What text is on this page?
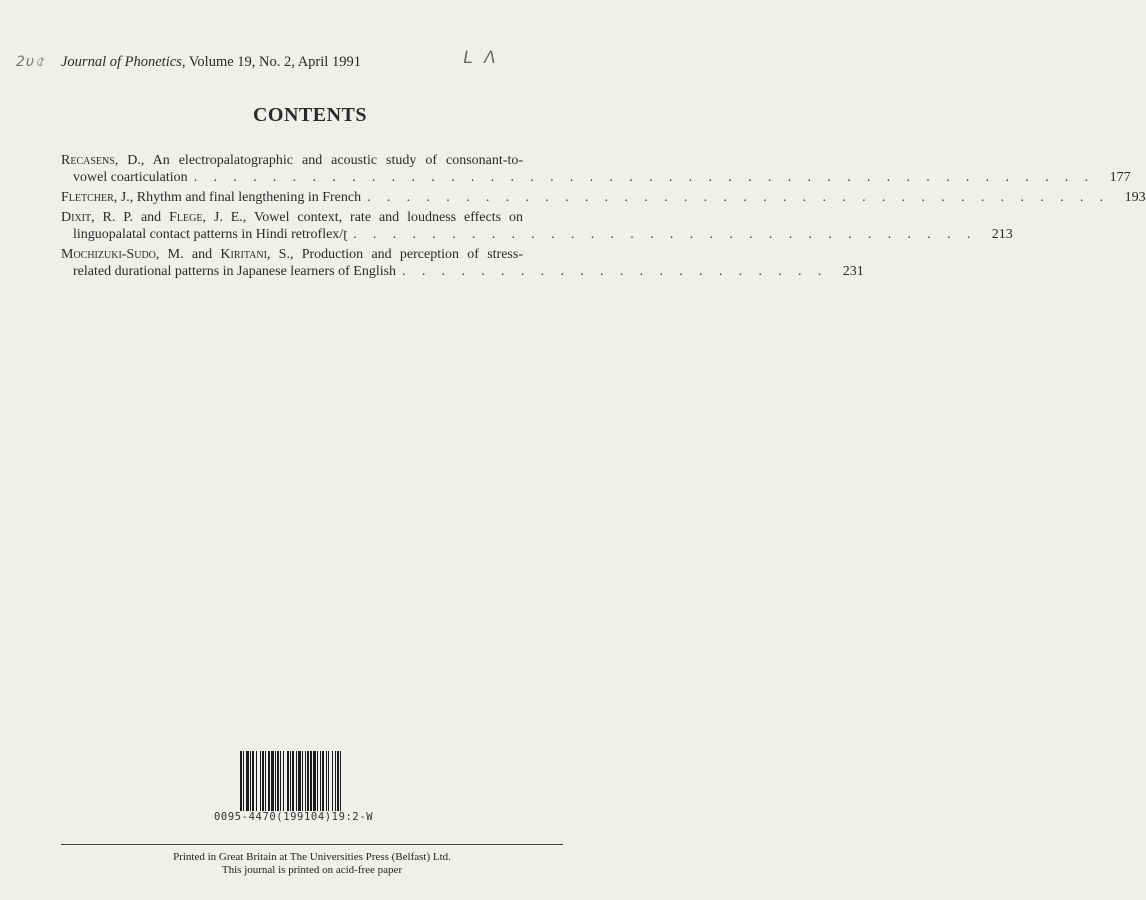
2υ৫	L Λ
Journal of Phonetics, Volume 19, No. 2, April 1991
CONTENTS
Recasens, D., An electropalatographic and acoustic study of consonant-to-
vowel coarticulation . . . . . . . . . . . . . . . . . . . . . . . . . . . . . . . . . . . . . . . . . . . . . .	177
Fletcher, J., Rhythm and final lengthening in French . . . . . . . . . . . . . . . . . . . . . . . . . . . . . . . . . . . . . .	193
Dixit, R. P. and Flege, J. E., Vowel context, rate and loudness effects on
linguopalatal contact patterns in Hindi retroflex/ʈ . . . . . . . . . . . . . . . . . . . . . . . . . . . . . . . .	213
Mochizuki-Sudo, M. and Kiritani, S., Production and perception of stress-
related durational patterns in Japanese learners of English . . . . . . . . . . . . . . . . . . . . . .	231
0095-4470(199104)19:2-W
Printed in Great Britain at The Universities Press (Belfast) Ltd.
This journal is printed on acid-free paper
